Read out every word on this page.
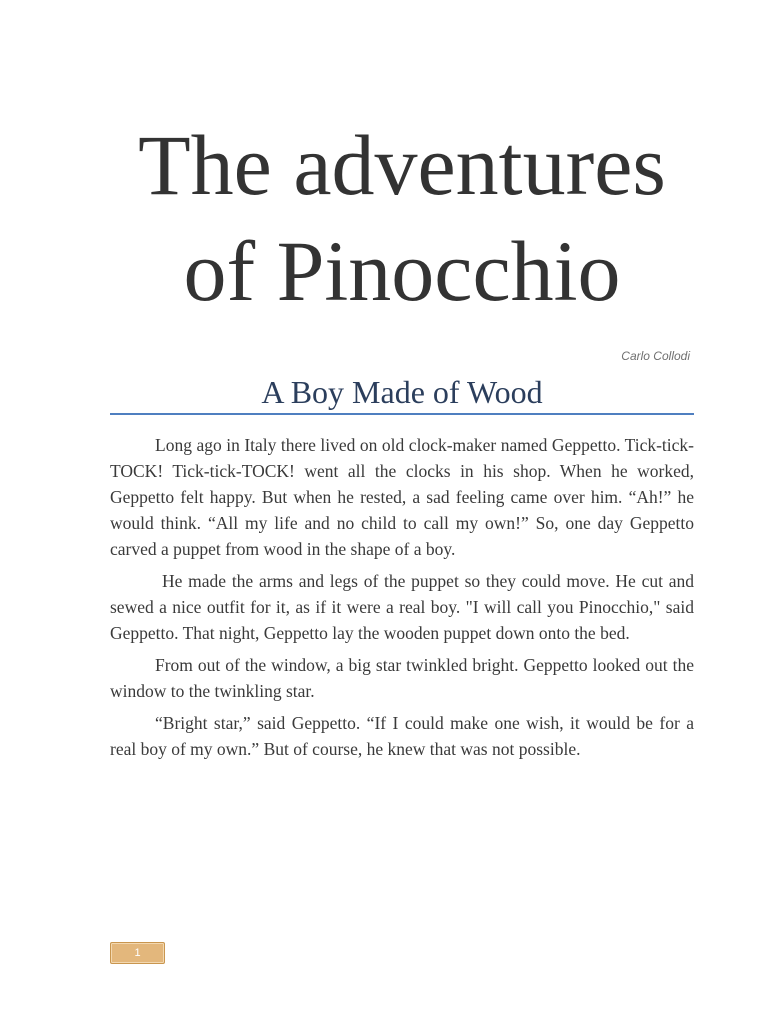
The adventures
of Pinocchio
Carlo Collodi
A Boy Made of Wood

Long ago in Italy there lived on old clock-maker named Geppetto. Tick-tick-TOCK! Tick-tick-TOCK! went all the clocks in his shop. When he worked, Geppetto felt happy. But when he rested, a sad feeling came over him. “Ah!” he would think. “All my life and no child to call my own!” So, one day Geppetto carved a puppet from wood in the shape of a boy.

He made the arms and legs of the puppet so they could move. He cut and sewed a nice outfit for it, as if it were a real boy. "I will call you Pinocchio," said Geppetto. That night, Geppetto lay the wooden puppet down onto the bed.

From out of the window, a big star twinkled bright. Geppetto looked out the window to the twinkling star.

“Bright star,” said Geppetto. “If I could make one wish, it would be for a real boy of my own.” But of course, he knew that was not possible.

1
